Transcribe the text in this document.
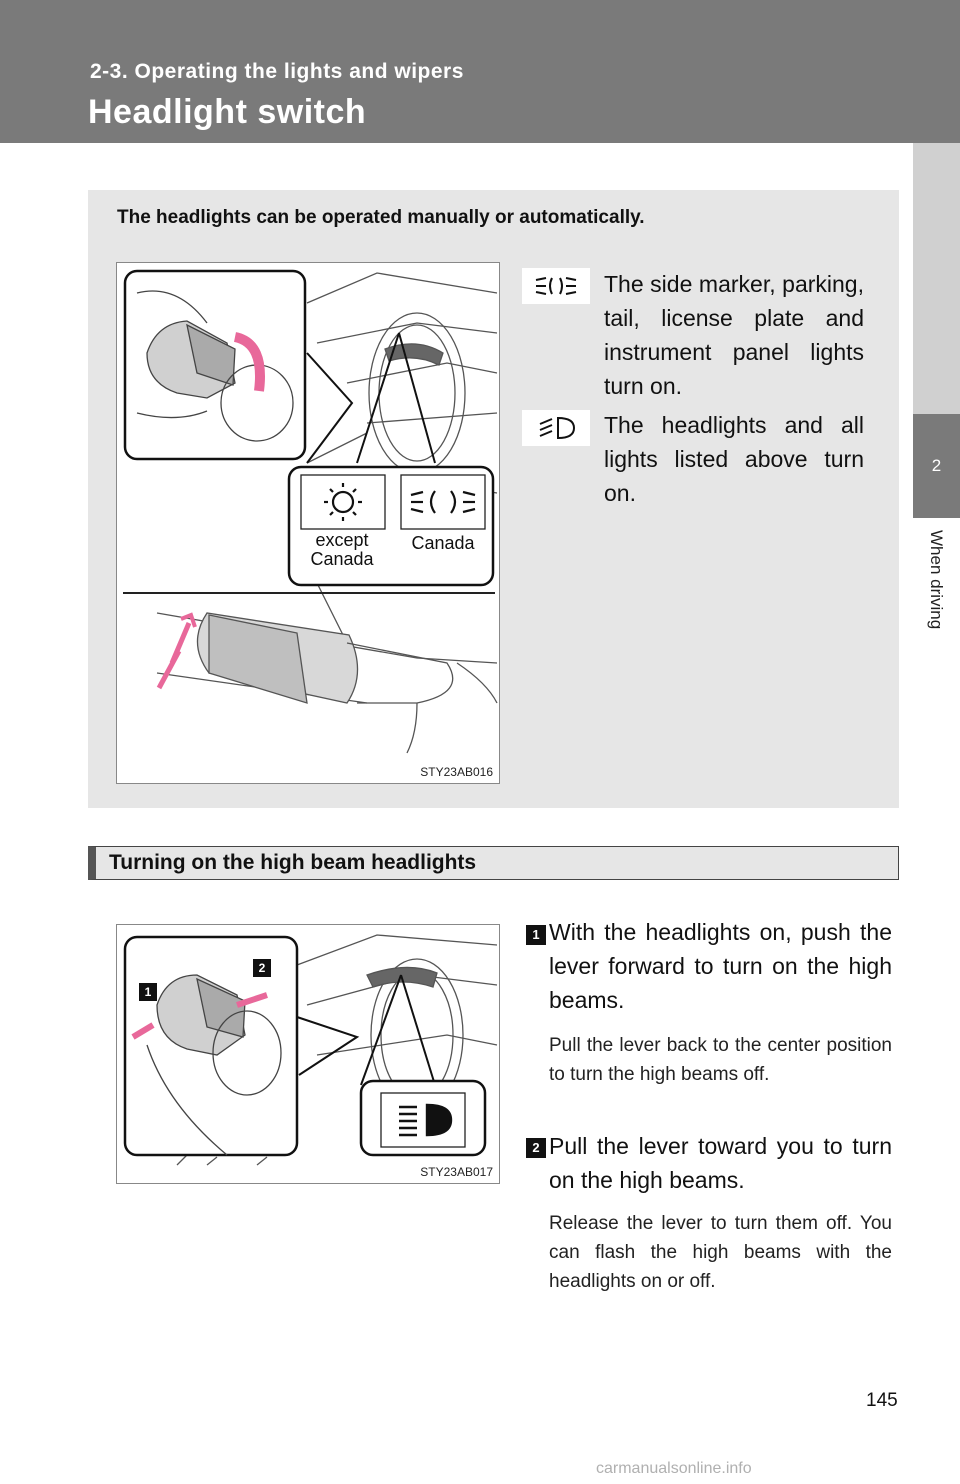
2-3. Operating the lights and wipers
Headlight switch
2
When driving
The headlights can be operated manually or automatically.
except
Canada
Canada
STY23AB016
The side marker, parking, tail, license plate and instrument panel lights turn on.
The headlights and all lights listed above turn on.
Turning on the high beam headlights
2
1
STY23AB017
1 With the headlights on, push the lever forward to turn on the high beams.
Pull the lever back to the center position to turn the high beams off.
2 Pull the lever toward you to turn on the high beams.
Release the lever to turn them off. You can flash the high beams with the headlights on or off.
145
carmanualsonline.info
